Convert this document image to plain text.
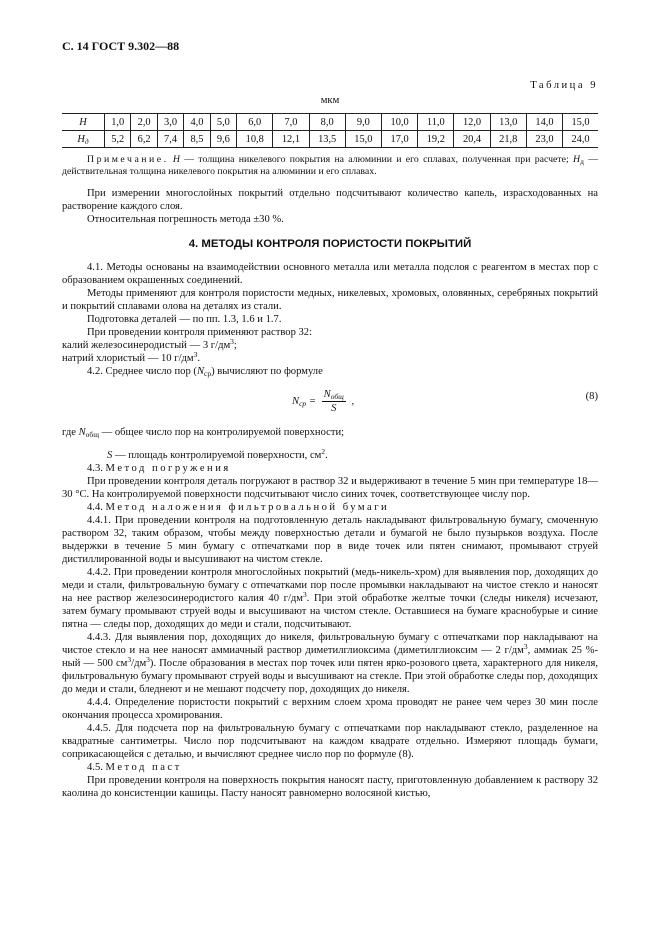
С. 14 ГОСТ 9.302—88
Таблица 9
мкм
H	1,0	2,0	3,0	4,0	5,0	6,0	7,0	8,0	9,0	10,0	11,0	12,0	13,0	14,0	15,0
$H_д$	5,2	6,2	7,4	8,5	9,6	10,8	12,1	13,5	15,0	17,0	19,2	20,4	21,8	23,0	24,0

Примечание. H — толщина никелевого покрытия на алюминии и его сплавах, полученная при расчете; $H_д$ — действительная толщина никелевого покрытия на алюминии и его сплавах.

При измерении многослойных покрытий отдельно подсчитывают количество капель, израсходованных на растворение каждого слоя.

Относительная погрешность метода ±30 %.

4. МЕТОДЫ КОНТРОЛЯ ПОРИСТОСТИ ПОКРЫТИЙ

4.1. Методы основаны на взаимодействии основного металла или металла подслоя с реагентом в местах пор с образованием окрашенных соединений.

Методы применяют для контроля пористости медных, никелевых, хромовых, оловянных, серебряных покрытий и покрытий сплавами олова на деталях из стали.

Подготовка деталей — по пп. 1.3, 1.6 и 1.7.

При проведении контроля применяют раствор 32:

калий железосинеродистый — 3 $г/дм^3$;

натрий хлористый — 10 $г/дм^3$.

4.2. Среднее число пор $(N_{ср})$ вычисляют по формуле

$N_{ср} = \frac{N_{общ}}{S}$ ,	(8)

где $N_{общ}$ — общее число пор на контролируемой поверхности;

S — площадь контролируемой поверхности, $см^2$.

4.3. Метод погружения

При проведении контроля деталь погружают в раствор 32 и выдерживают в течение 5 мин при температуре 18—30 °С. На контролируемой поверхности подсчитывают число синих точек, соответствующее числу пор.

4.4. Метод наложения фильтровальной бумаги

4.4.1. При проведении контроля на подготовленную деталь накладывают фильтровальную бумагу, смоченную раствором 32, таким образом, чтобы между поверхностью детали и бумагой не было пузырьков воздуха. После выдержки в течение 5 мин бумагу с отпечатками пор в виде точек или пятен снимают, промывают струей дистиллированной воды и высушивают на чистом стекле.

4.4.2. При проведении контроля многослойных покрытий (медь-никель-хром) для выявления пор, доходящих до меди и стали, фильтровальную бумагу с отпечатками пор после промывки накладывают на чистое стекло и наносят на нее раствор железосинеродистого калия 40 $г/дм^3$. При этой обработке желтые точки (следы никеля) исчезают, затем бумагу промывают струей воды и высушивают на чистом стекле. Оставшиеся на бумаге краснобурые и синие пятна — следы пор, доходящих до меди и стали, подсчитывают.

4.4.3. Для выявления пор, доходящих до никеля, фильтровальную бумагу с отпечатками пор накладывают на чистое стекло и на нее наносят аммиачный раствор диметилглиоксима (диметилглиоксим — 2 $г/дм^3$, аммиак 25 %-ный — 500 $см^3/дм^3$). После образования в местах пор точек или пятен ярко-розового цвета, характерного для никеля, фильтровальную бумагу промывают струей воды и высушивают на стекле. При этой обработке следы пор, доходящих до меди и стали, бледнеют и не мешают подсчету пор, доходящих до никеля.

4.4.4. Определение пористости покрытий с верхним слоем хрома проводят не ранее чем через 30 мин после окончания процесса хромирования.

4.4.5. Для подсчета пор на фильтровальную бумагу с отпечатками пор накладывают стекло, разделенное на квадратные сантиметры. Число пор подсчитывают на каждом квадрате отдельно. Измеряют площадь бумаги, соприкасающейся с деталью, и вычисляют среднее число пор по формуле (8).

4.5. Метод паст

При проведении контроля на поверхность покрытия наносят пасту, приготовленную добавлением к раствору 32 каолина до консистенции кашицы. Пасту наносят равномерно волосяной кистью,
